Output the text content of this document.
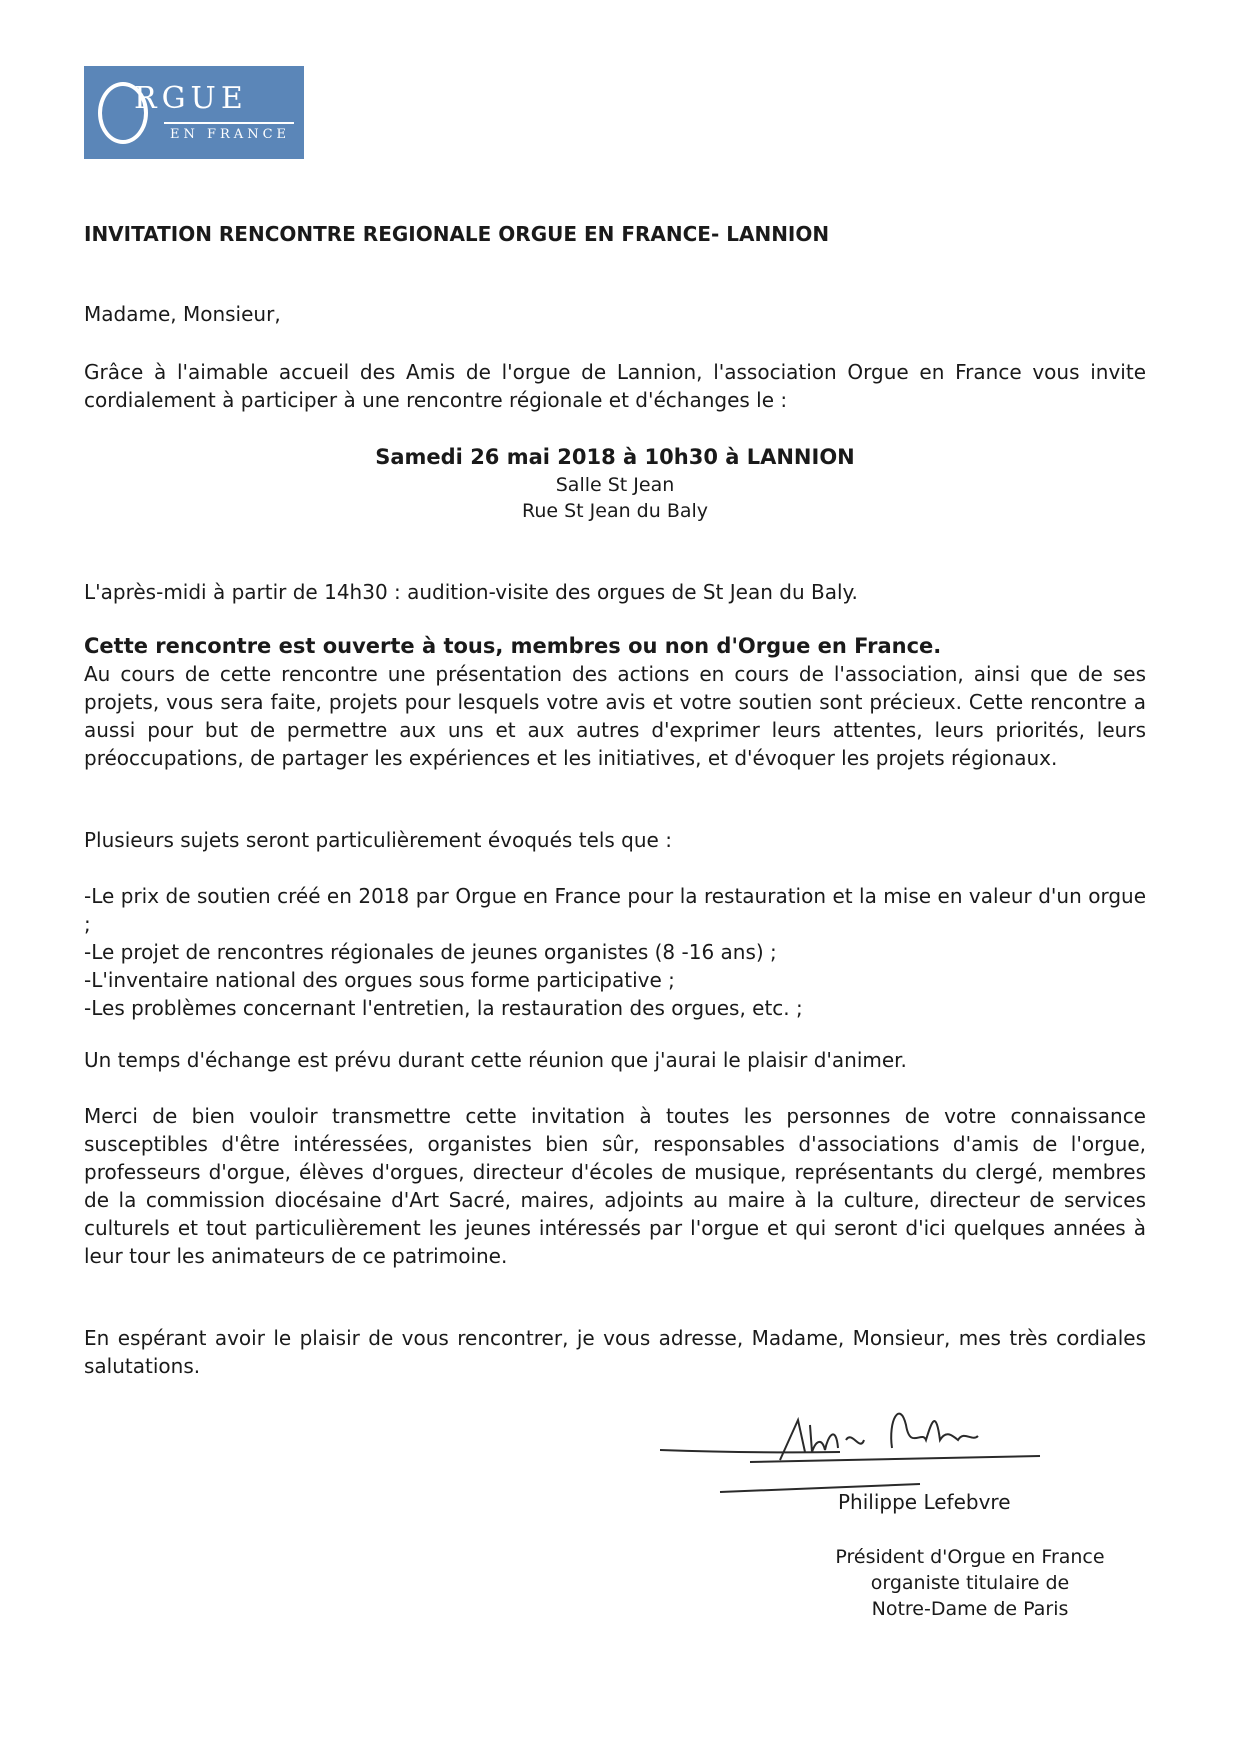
RGUE
EN FRANCE
INVITATION RENCONTRE REGIONALE ORGUE EN FRANCE- LANNION
Madame, Monsieur,
Grâce à l'aimable accueil des Amis de l'orgue de Lannion, l'association Orgue en France vous invite cordialement à participer à une rencontre régionale et d'échanges le :
Samedi 26 mai 2018 à 10h30 à LANNION
Salle St Jean
Rue St Jean du Baly
L'après-midi à partir de 14h30 : audition-visite des orgues de St Jean du Baly.

Cette rencontre est ouverte à tous, membres ou non d'Orgue en France.

Au cours de cette rencontre une présentation des actions en cours de l'association, ainsi que de ses projets, vous sera faite, projets pour lesquels votre avis et votre soutien sont précieux. Cette rencontre a aussi pour but de permettre aux uns et aux autres d'exprimer leurs attentes, leurs priorités, leurs préoccupations, de partager les expériences et les initiatives, et d'évoquer les projets régionaux.

Plusieurs sujets seront particulièrement évoqués tels que :

-Le prix de soutien créé en 2018 par Orgue en France pour la restauration et la mise en valeur d'un orgue ;

-Le projet de rencontres régionales de jeunes organistes (8 -16 ans) ;

-L'inventaire national des orgues sous forme participative ;

-Les problèmes concernant l'entretien, la restauration des orgues, etc. ;

Un temps d'échange est prévu durant cette réunion que j'aurai le plaisir d'animer.
Merci de bien vouloir transmettre cette invitation à toutes les personnes de votre connaissance susceptibles d'être intéressées, organistes bien sûr, responsables d'associations d'amis de l'orgue, professeurs d'orgue, élèves d'orgues, directeur d'écoles de musique, représentants du clergé, membres de la commission diocésaine d'Art Sacré, maires, adjoints au maire à la culture, directeur de services culturels et tout particulièrement les jeunes intéressés par l'orgue et qui seront d'ici quelques années à leur tour les animateurs de ce patrimoine.
En espérant avoir le plaisir de vous rencontrer, je vous adresse, Madame, Monsieur, mes très cordiales salutations.
Philippe Lefebvre
Président d'Orgue en France
organiste titulaire de
Notre-Dame de Paris
